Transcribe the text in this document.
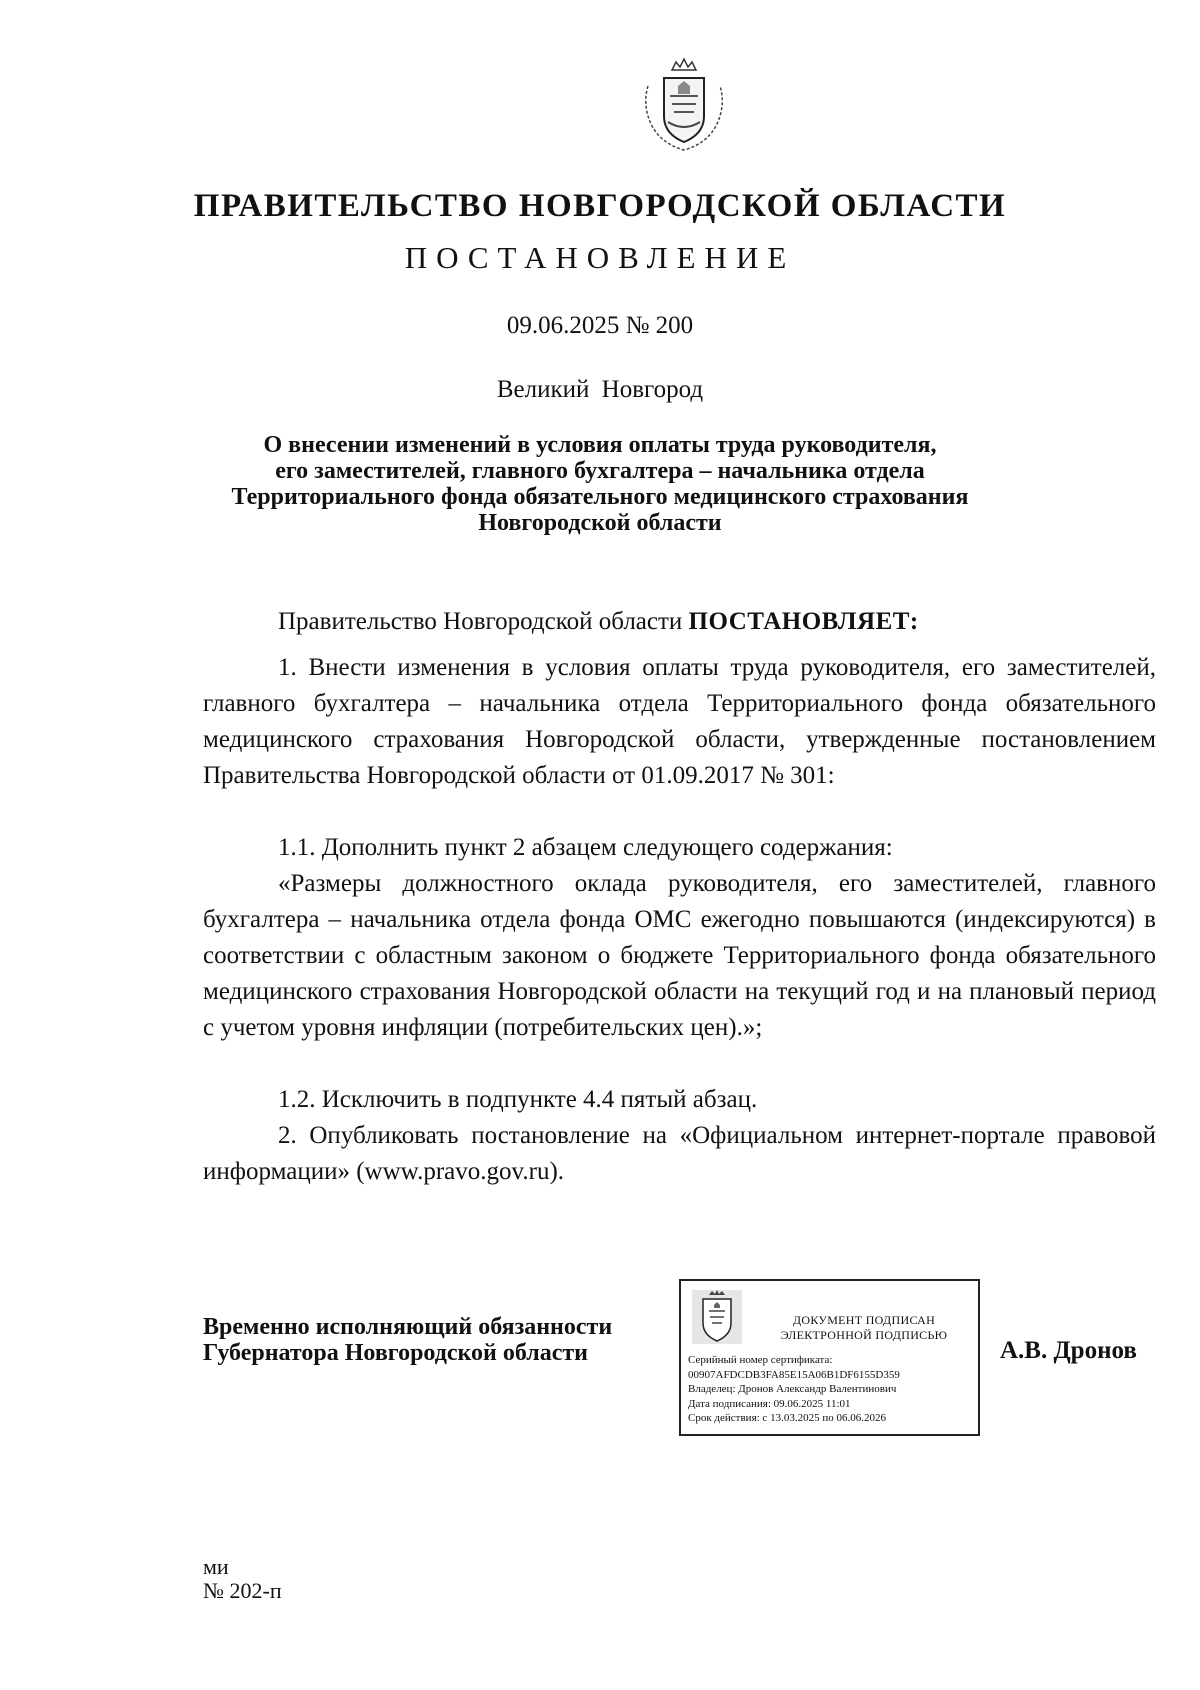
ПРАВИТЕЛЬСТВО НОВГОРОДСКОЙ ОБЛАСТИ
ПОСТАНОВЛЕНИЕ
09.06.2025 № 200
Великий Новгород
О внесении изменений в условия оплаты труда руководителя,
его заместителей, главного бухгалтера – начальника отдела
Территориального фонда обязательного медицинского страхования
Новгородской области
Правительство Новгородской области ПОСТАНОВЛЯЕТ:
1. Внести изменения в условия оплаты труда руководителя, его заместителей, главного бухгалтера – начальника отдела Территориального фонда обязательного медицинского страхования Новгородской области, утвержденные постановлением Правительства Новгородской области от 01.09.2017 № 301:
1.1. Дополнить пункт 2 абзацем следующего содержания:
«Размеры должностного оклада руководителя, его заместителей, главного бухгалтера – начальника отдела фонда ОМС ежегодно повышаются (индексируются) в соответствии с областным законом о бюджете Территориального фонда обязательного медицинского страхования Новгородской области на текущий год и на плановый период с учетом уровня инфляции (потребительских цен).»;
1.2. Исключить в подпункте 4.4 пятый абзац.
2. Опубликовать постановление на «Официальном интернет-портале правовой информации» (www.pravo.gov.ru).
Временно исполняющий обязанности
Губернатора Новгородской области
ДОКУМЕНТ ПОДПИСАН
ЭЛЕКТРОННОЙ ПОДПИСЬЮ
Серийный номер сертификата:
00907AFDCDB3FA85E15A06B1DF6155D359
Владелец: Дронов Александр Валентинович
Дата подписания: 09.06.2025 11:01
Срок действия: с 13.03.2025 по 06.06.2026
А.В. Дронов
ми
№ 202-п
